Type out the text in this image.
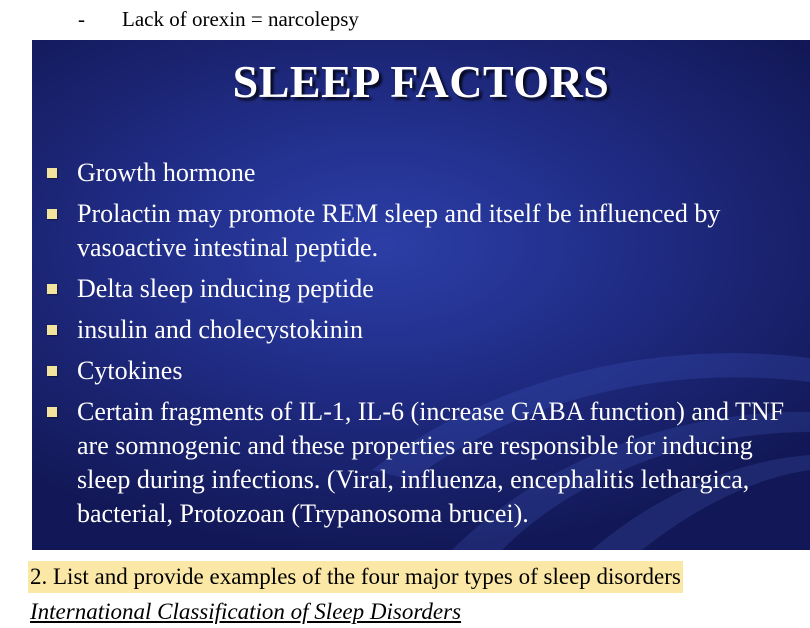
- Lack of orexin = narcolepsy
SLEEP FACTORS
Growth hormone
Prolactin may promote REM sleep and itself be influenced by vasoactive intestinal peptide.
Delta sleep inducing peptide
insulin and cholecystokinin
Cytokines
Certain fragments of IL-1, IL-6 (increase GABA function) and TNF are somnogenic and these properties are responsible for inducing sleep during infections. (Viral, influenza, encephalitis lethargica, bacterial, Protozoan (Trypanosoma brucei).
2. List and provide examples of the four major types of sleep disorders
International Classification of Sleep Disorders
